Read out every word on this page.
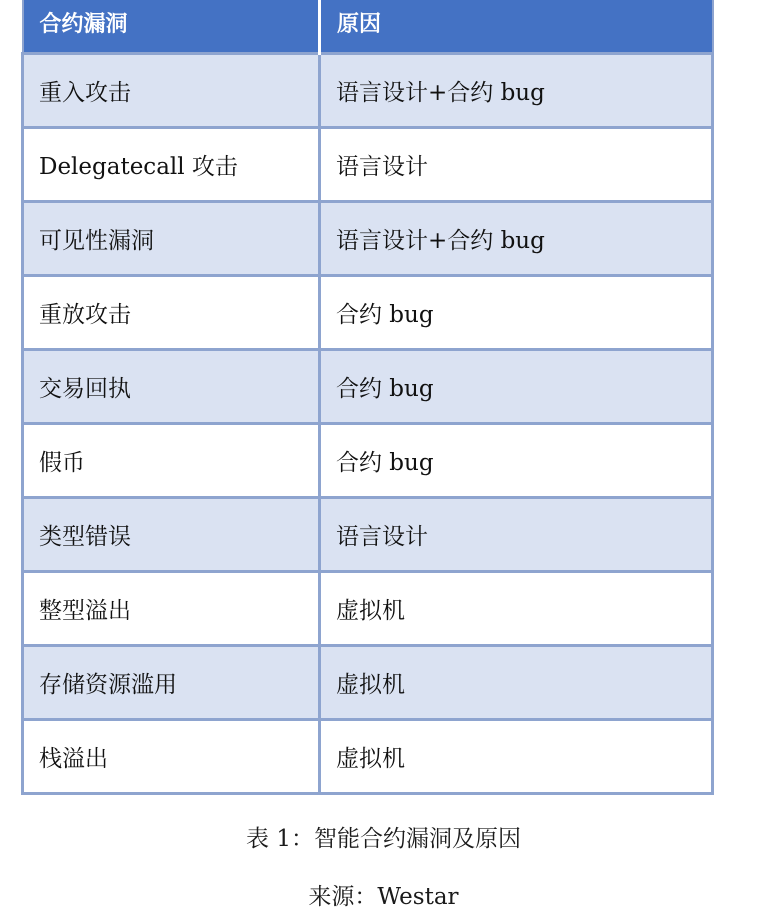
合约漏洞	原因
重入攻击	语言设计+合约 bug
Delegatecall 攻击	语言设计
可见性漏洞	语言设计+合约 bug
重放攻击	合约 bug
交易回执	合约 bug
假币	合约 bug
类型错误	语言设计
整型溢出	虚拟机
存储资源滥用	虚拟机
栈溢出	虚拟机
表 1：智能合约漏洞及原因
来源：Westar
